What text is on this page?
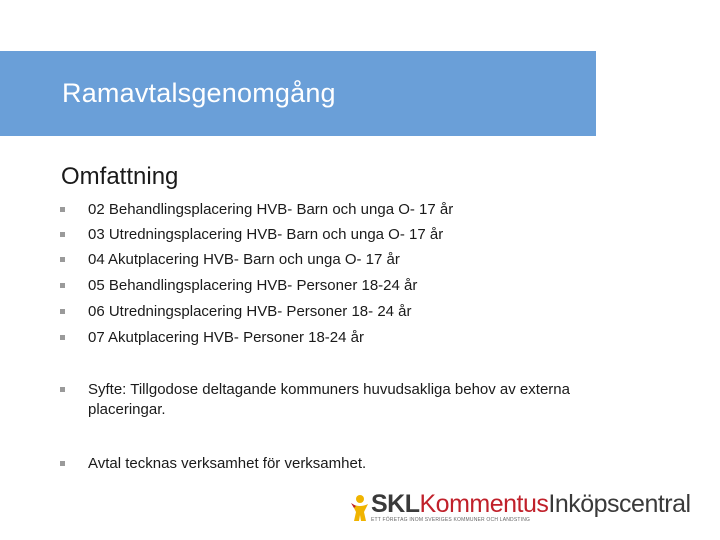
Ramavtalsgenomgång
Omfattning
02 Behandlingsplacering HVB- Barn och unga O- 17 år
03 Utredningsplacering HVB- Barn och unga O- 17 år
04 Akutplacering HVB- Barn och unga O- 17 år
05 Behandlingsplacering HVB- Personer 18-24 år
06 Utredningsplacering HVB- Personer 18- 24 år
07 Akutplacering HVB- Personer 18-24 år
Syfte: Tillgodose deltagande kommuners huvudsakliga behov av externa placeringar.
Avtal tecknas verksamhet för verksamhet.
SKLKommentusInköpscentral
ETT FÖRETAG INOM SVERIGES KOMMUNER OCH LANDSTING
